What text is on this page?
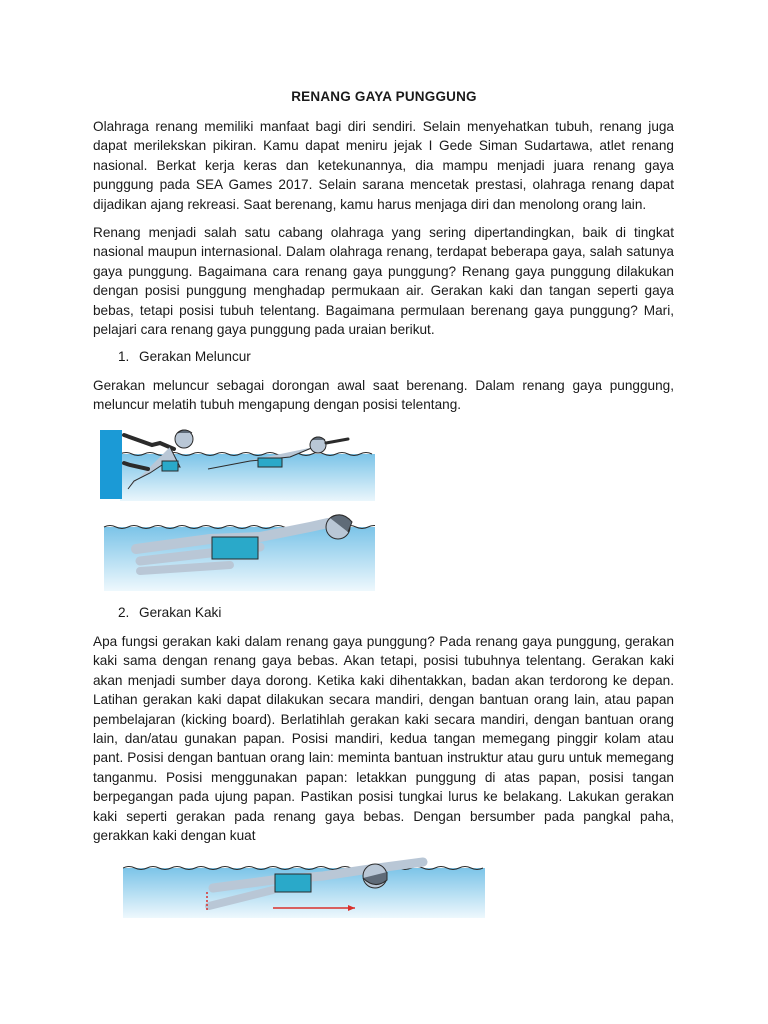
RENANG GAYA PUNGGUNG

Olahraga renang memiliki manfaat bagi diri sendiri. Selain menyehatkan tubuh, renang juga dapat merilekskan pikiran. Kamu dapat meniru jejak I Gede Siman Sudartawa, atlet renang nasional. Berkat kerja keras dan ketekunannya, dia mampu menjadi juara renang gaya punggung pada SEA Games 2017. Selain sarana mencetak prestasi, olahraga renang dapat dijadikan ajang rekreasi. Saat berenang, kamu harus menjaga diri dan menolong orang lain.

Renang menjadi salah satu cabang olahraga yang sering dipertandingkan, baik di tingkat nasional maupun internasional. Dalam olahraga renang, terdapat beberapa gaya, salah satunya gaya punggung. Bagaimana cara renang gaya punggung? Renang gaya punggung dilakukan dengan posisi punggung menghadap permukaan air. Gerakan kaki dan tangan seperti gaya bebas, tetapi posisi tubuh telentang. Bagaimana permulaan berenang gaya punggung? Mari, pelajari cara renang gaya punggung pada uraian berikut.

1. Gerakan Meluncur

Gerakan meluncur sebagai dorongan awal saat berenang. Dalam renang gaya punggung, meluncur melatih tubuh mengapung dengan posisi telentang.

2. Gerakan Kaki

Apa fungsi gerakan kaki dalam renang gaya punggung? Pada renang gaya punggung, gerakan kaki sama dengan renang gaya bebas. Akan tetapi, posisi tubuhnya telentang. Gerakan kaki akan menjadi sumber daya dorong. Ketika kaki dihentakkan, badan akan terdorong ke depan. Latihan gerakan kaki dapat dilakukan secara mandiri, dengan bantuan orang lain, atau papan pembelajaran (kicking board). Berlatihlah gerakan kaki secara mandiri, dengan bantuan orang lain, dan/atau gunakan papan. Posisi mandiri, kedua tangan memegang pinggir kolam atau pant. Posisi dengan bantuan orang lain: meminta bantuan instruktur atau guru untuk memegang tanganmu. Posisi menggunakan papan: letakkan punggung di atas papan, posisi tangan berpegangan pada ujung papan. Pastikan posisi tungkai lurus ke belakang. Lakukan gerakan kaki seperti gerakan pada renang gaya bebas. Dengan bersumber pada pangkal paha, gerakkan kaki dengan kuat
